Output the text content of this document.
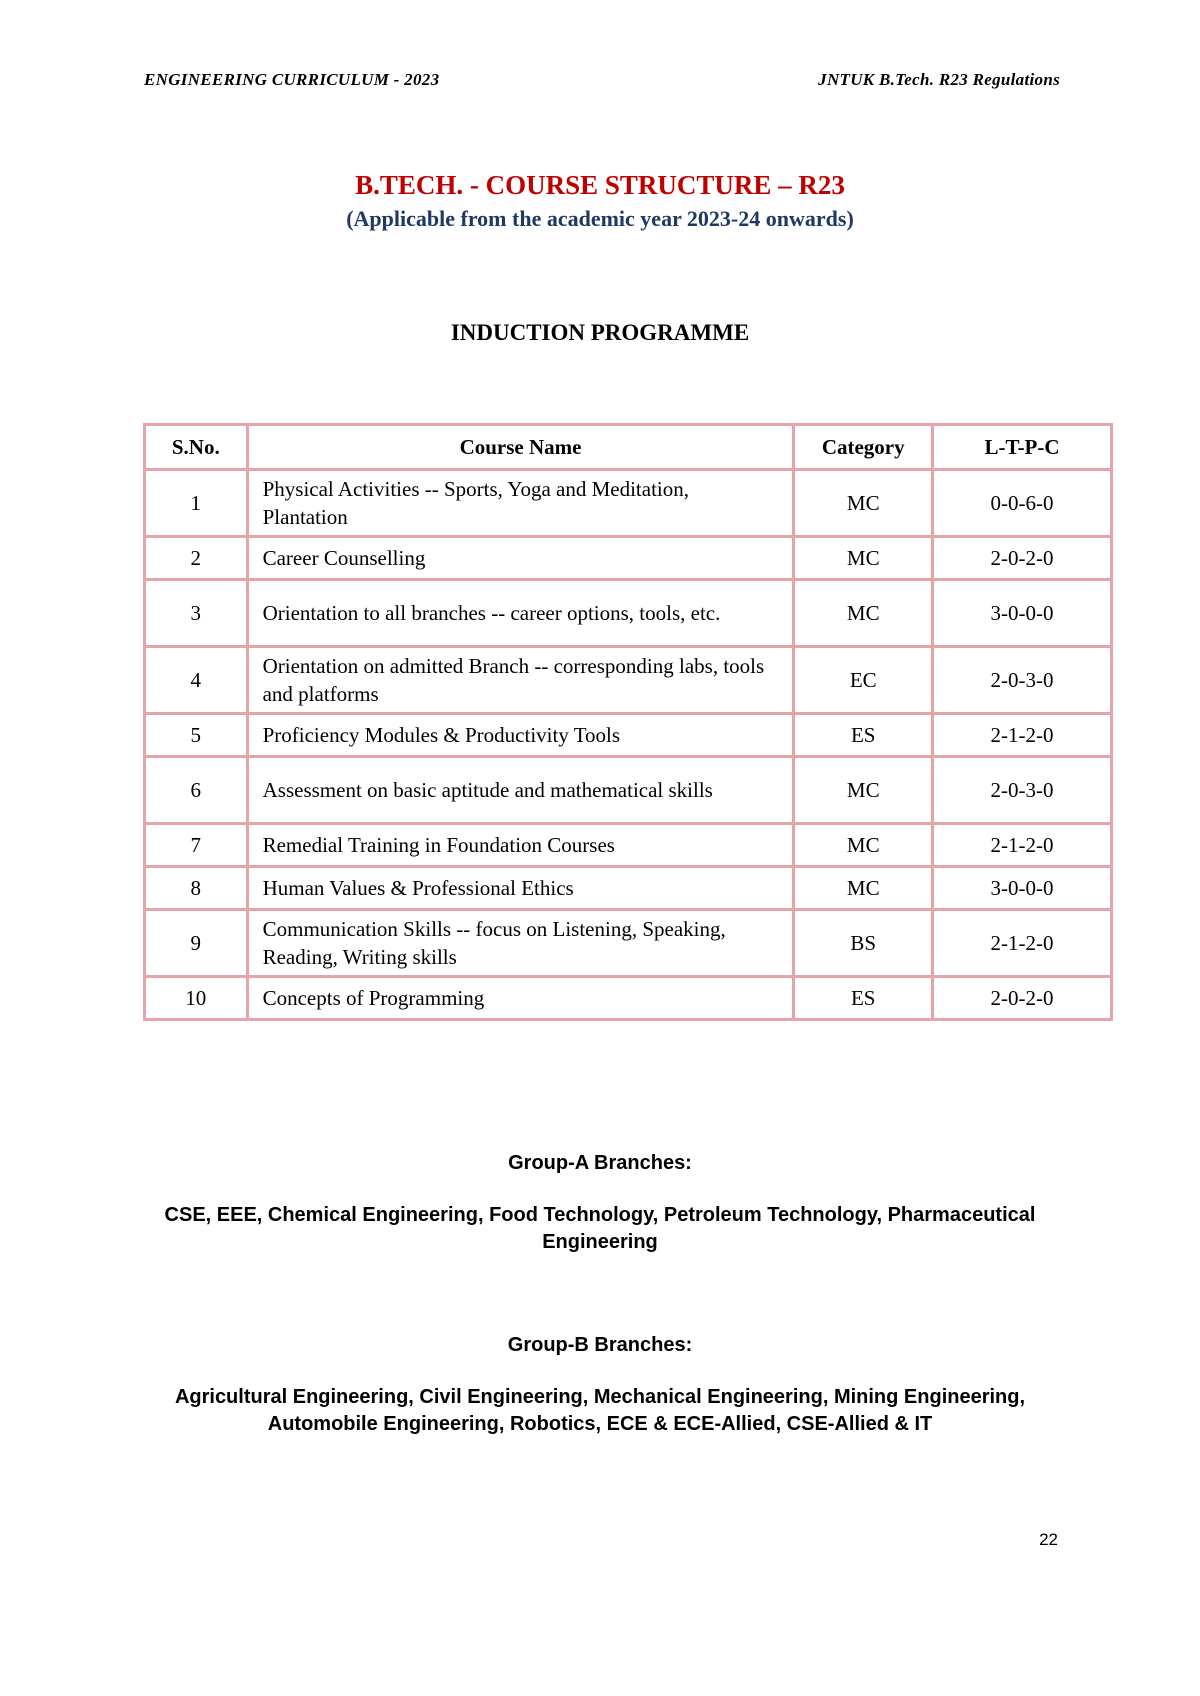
ENGINEERING CURRICULUM - 2023	JNTUK B.Tech. R23 Regulations
B.TECH. - COURSE STRUCTURE – R23
(Applicable from the academic year 2023-24 onwards)
INDUCTION PROGRAMME
S.No.	Course Name	Category	L-T-P-C
1	Physical Activities -- Sports, Yoga and Meditation, Plantation	MC	0-0-6-0
2	Career Counselling	MC	2-0-2-0
3	Orientation to all branches -- career options, tools, etc.	MC	3-0-0-0
4	Orientation on admitted Branch -- corresponding labs, tools and platforms	EC	2-0-3-0
5	Proficiency Modules & Productivity Tools	ES	2-1-2-0
6	Assessment on basic aptitude and mathematical skills	MC	2-0-3-0
7	Remedial Training in Foundation Courses	MC	2-1-2-0
8	Human Values & Professional Ethics	MC	3-0-0-0
9	Communication Skills -- focus on Listening, Speaking, Reading, Writing skills	BS	2-1-2-0
10	Concepts of Programming	ES	2-0-2-0
Group-A Branches:
CSE, EEE, Chemical Engineering, Food Technology, Petroleum Technology, Pharmaceutical Engineering
Group-B Branches:
Agricultural Engineering, Civil Engineering, Mechanical Engineering, Mining Engineering, Automobile Engineering, Robotics, ECE & ECE-Allied, CSE-Allied & IT
22
